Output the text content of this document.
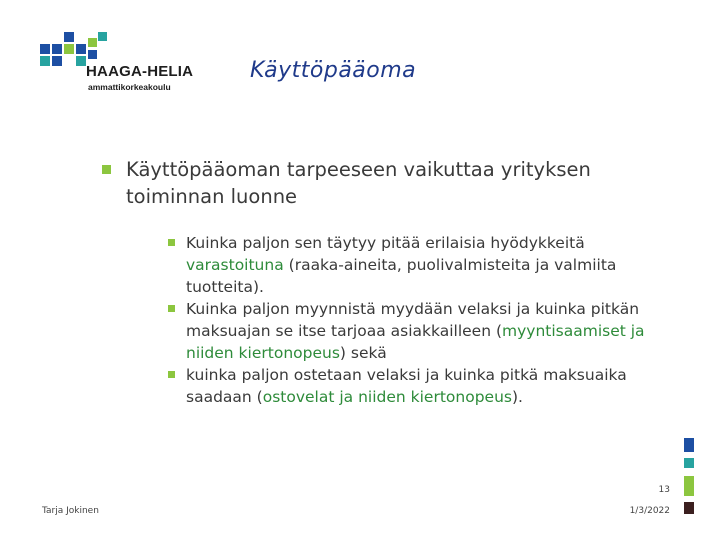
HAAGA-HELIA
ammattikorkeakoulu
Käyttöpääoma
Käyttöpääoman tarpeeseen vaikuttaa yrityksen toiminnan luonne
Kuinka paljon sen täytyy pitää erilaisia hyödykkeitä varastoituna (raaka-aineita, puolivalmisteita ja valmiita tuotteita).
Kuinka paljon myynnistä myydään velaksi ja kuinka pitkän maksuajan se itse tarjoaa asiakkailleen (myyntisaamiset ja niiden kiertonopeus) sekä
kuinka paljon ostetaan velaksi ja kuinka pitkä maksuaika saadaan (ostovelat ja niiden kiertonopeus).
13
Tarja Jokinen	1/3/2022
